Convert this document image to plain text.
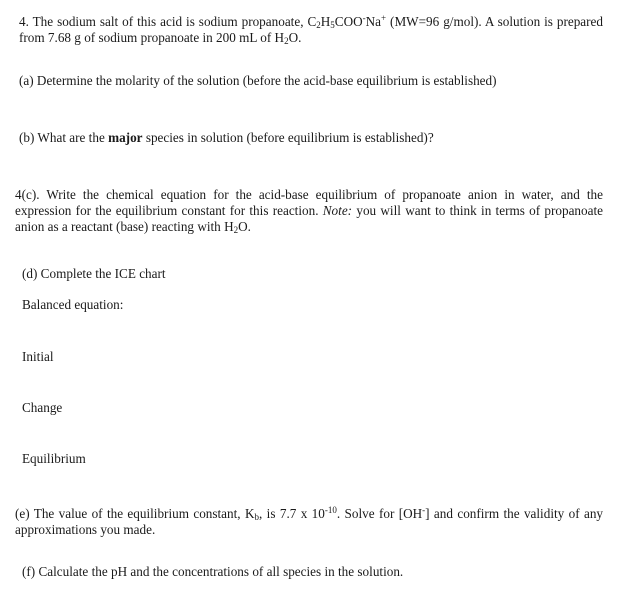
4. The sodium salt of this acid is sodium propanoate, $C_2H_5COO^-Na^+$ (MW=96 g/mol). A solution is prepared from 7.68 g of sodium propanoate in 200 mL of $H_2O$.
(a) Determine the molarity of the solution (before the acid-base equilibrium is established)
(b) What are the major species in solution (before equilibrium is established)?
4(c). Write the chemical equation for the acid-base equilibrium of propanoate anion in water, and the expression for the equilibrium constant for this reaction. Note: you will want to think in terms of propanoate anion as a reactant (base) reacting with $H_2O$.
(d) Complete the ICE chart
Balanced equation:
Initial
Change
Equilibrium
(e) The value of the equilibrium constant, $K_b$, is 7.7 x $10^{-10}$. Solve for [OH-] and confirm the validity of any approximations you made.
(f) Calculate the pH and the concentrations of all species in the solution.
